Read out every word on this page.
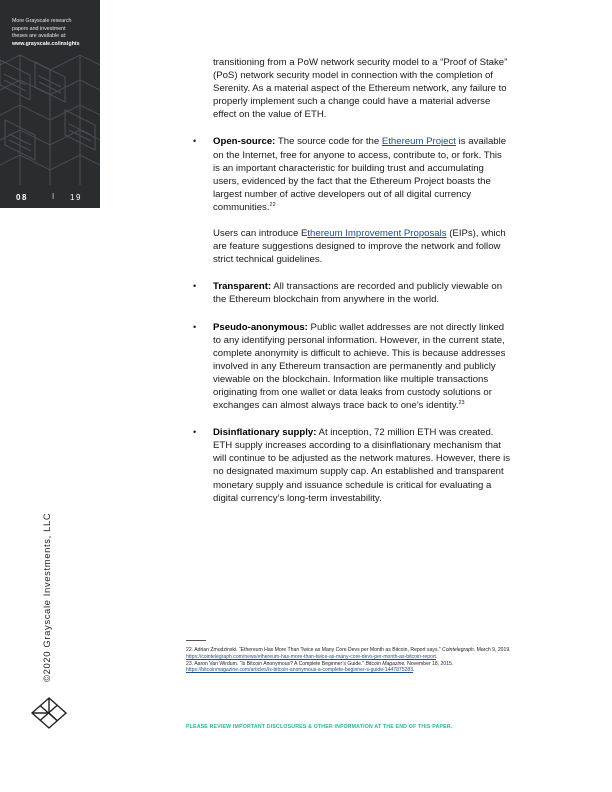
More Grayscale research
papers and investment
theses are available at:
www.grayscale.co/insights
08	I 19

transitioning from a PoW network security model to a “Proof of Stake” (PoS) network security model in connection with the completion of Serenity. As a material aspect of the Ethereum network, any failure to properly implement such a change could have a material adverse effect on the value of ETH.

• Open-source: The source code for the Ethereum Project is available on the Internet, free for anyone to access, contribute to, or fork. This is an important characteristic for building trust and accumulating users, evidenced by the fact that the Ethereum Project boasts the largest number of active developers out of all digital currency communities.$^{22}$

Users can introduce Ethereum Improvement Proposals (EIPs), which are feature suggestions designed to improve the network and follow strict technical guidelines.

• Transparent: All transactions are recorded and publicly viewable on the Ethereum blockchain from anywhere in the world.

• Pseudo-anonymous: Public wallet addresses are not directly linked to any identifying personal information. However, in the current state, complete anonymity is difficult to achieve. This is because addresses involved in any Ethereum transaction are permanently and publicly viewable on the blockchain. Information like multiple transactions originating from one wallet or data leaks from custody solutions or exchanges can almost always trace back to one’s identity.$^{23}$

• Disinflationary supply: At inception, 72 million ETH was created. ETH supply increases according to a disinflationary mechanism that will continue to be adjusted as the network matures. However, there is no designated maximum supply cap. An established and transparent monetary supply and issuance schedule is critical for evaluating a digital currency’s long-term investability.

22. Adrian Zmudzinski. “Ethereum Has More Than Twice as Many Core Devs per Month as Bitcoin, Report says.” Cointelegraph. March 9, 2019. https://cointelegraph.com/news/ethereum-has-more-than-twice-as-many-core-devs-per-month-as-bitcoin-report.
23. Aaron Van Wirdum. “Is Bitcoin Anonymous? A Complete Beginner’s Guide.” Bitcoin Magazine. November 18, 2015. https://bitcoinmagazine.com/articles/is-bitcoin-anonymous-a-complete-beginner-s-guide-1447875283.
©2020 Grayscale Investments, LLC
PLEASE REVIEW IMPORTANT DISCLOSURES & OTHER INFORMATION AT THE END OF THIS PAPER.
